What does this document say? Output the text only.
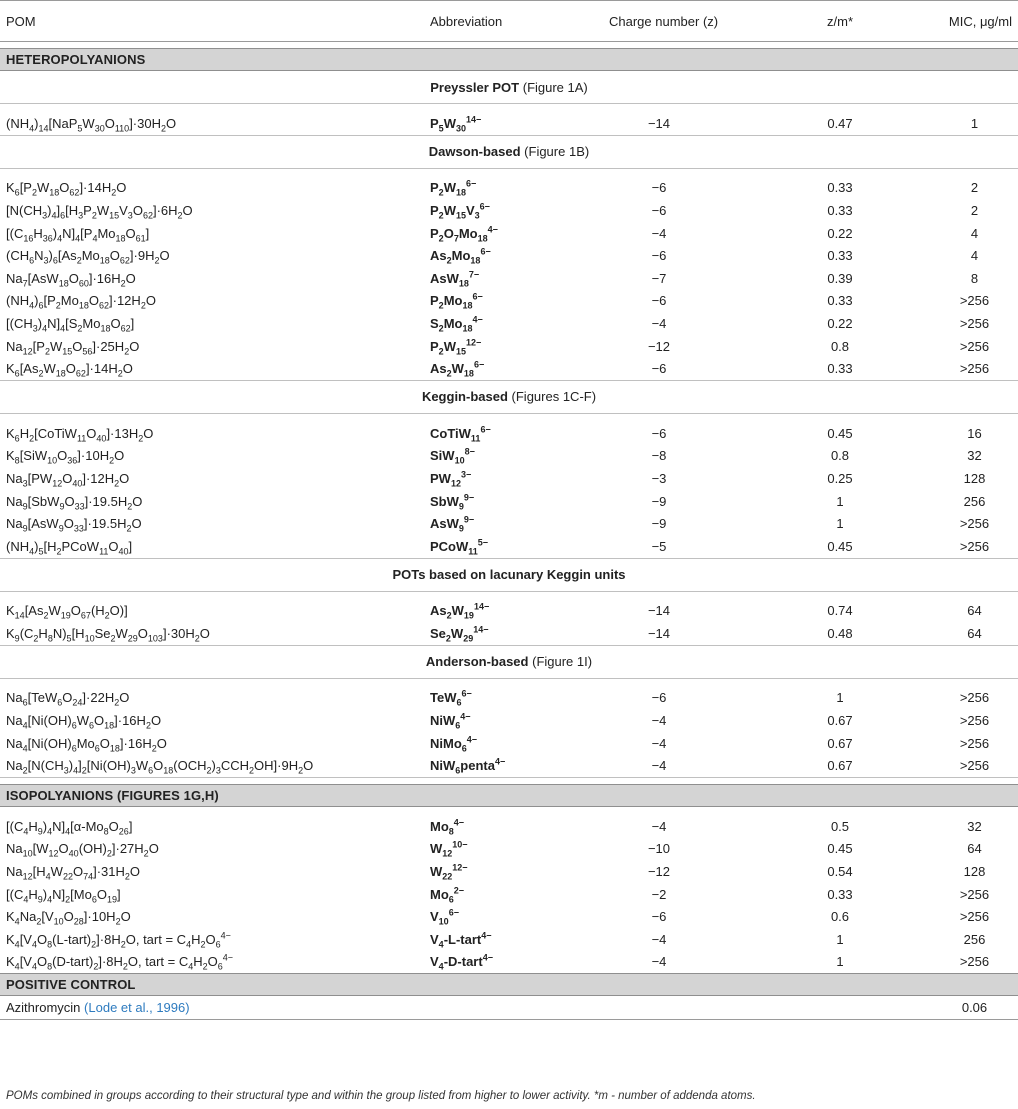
POM	Abbreviation	Charge number (z)	z/m*	MIC, μg/ml

HETEROPOLYANIONS				
Preyssler POT (Figure 1A)				

$(NH_4)_{14}[NaP_5W_{30}O_{110}]\cdot 30H_2O$	$P_5W_{30}^{14-}$	−14	0.47	1
Dawson-based (Figure 1B)				

$K_6[P_2W_{18}O_{62}]\cdot 14H_2O$	$P_2W_{18}^{6-}$	−6	0.33	2
$[N(CH_3)_4]_6[H_3P_2W_{15}V_3O_{62}]\cdot 6H_2O$	$P_2W_{15}V_3^{6-}$	−6	0.33	2
$[(C_{16}H_{36})_4N]_4[P_4Mo_{18}O_{61}]$	$P_2O_7Mo_{18}^{4-}$	−4	0.22	4
$(CH_6N_3)_6[As_2Mo_{18}O_{62}]\cdot 9H_2O$	$As_2Mo_{18}^{6-}$	−6	0.33	4
$Na_7[AsW_{18}O_{60}]\cdot 16H_2O$	AsW$_{18}^{7-}$	−7	0.39	8
$(NH_4)_6[P_2Mo_{18}O_{62}]\cdot 12H_2O$	$P_2Mo_{18}^{6-}$	−6	0.33	>256
$[(CH_3)_4N]_4[S_2Mo_{18}O_{62}]$	$S_2Mo_{18}^{4-}$	−4	0.22	>256
$Na_{12}[P_2W_{15}O_{56}]\cdot 25H_2O$	$P_2W_{15}^{12-}$	−12	0.8	>256
$K_6[As_2W_{18}O_{62}]\cdot 14H_2O$	$As_2W_{18}^{6-}$	−6	0.33	>256
Keggin-based (Figures 1C-F)				

$K_6H_2[CoTiW_{11}O_{40}]\cdot 13H_2O$	CoTiW$_{11}^{6-}$	−6	0.45	16
$K_8[SiW_{10}O_{36}]\cdot 10H_2O$	SiW$_{10}^{8-}$	−8	0.8	32
$Na_3[PW_{12}O_{40}]\cdot 12H_2O$	$PW_{12}^{3-}$	−3	0.25	128
$Na_9[SbW_9O_{33}]\cdot 19.5H_2O$	SbW$_9^{9-}$	−9	1	256
$Na_9[AsW_9O_{33}]\cdot 19.5H_2O$	AsW$_9^{9-}$	−9	1	>256
$(NH_4)_5[H_2PCoW_{11}O_{40}]$	PCoW$_{11}^{5-}$	−5	0.45	>256
POTs based on lacunary Keggin units				

$K_{14}[As_2W_{19}O_{67}(H_2O)]$	$As_2W_{19}^{14-}$	−14	0.74	64
$K_9(C_2H_8N)_5[H_{10}Se_2W_{29}O_{103}]\cdot 30H_2O$	$Se_2W_{29}^{14-}$	−14	0.48	64
Anderson-based (Figure 1I)				

$Na_6[TeW_6O_{24}]\cdot 22H_2O$	TeW$_6^{6-}$	−6	1	>256
$Na_4[Ni(OH)_6W_6O_{18}]\cdot 16H_2O$	NiW$_6^{4-}$	−4	0.67	>256
$Na_4[Ni(OH)_6Mo_6O_{18}]\cdot 16H_2O$	NiMo$_6^{4-}$	−4	0.67	>256
$Na_2[N(CH_3)_4]_2[Ni(OH)_3W_6O_{18}(OCH_2)_3CCH_2OH]\cdot 9H_2O$	NiW$_6$penta$^{4-}$	−4	0.67	>256

ISOPOLYANIONS (FIGURES 1G,H)				

$[(C_4H_9)_4N]_4[\alpha-Mo_8O_{26}]$	$Mo_8^{4-}$	−4	0.5	32
$Na_{10}[W_{12}O_{40}(OH)_2]\cdot 27H_2O$	$W_{12}^{10-}$	−10	0.45	64
$Na_{12}[H_4W_{22}O_{74}]\cdot 31H_2O$	$W_{22}^{12-}$	−12	0.54	128
$[(C_4H_9)_4N]_2[Mo_6O_{19}]$	$Mo_6^{2-}$	−2	0.33	>256
$K_4Na_2[V_{10}O_{28}]\cdot 10H_2O$	$V_{10}^{6-}$	−6	0.6	>256
$K_4[V_4O_8(L-tart)_2]\cdot 8H_2O$, tart = $C_4H_2O_6^{4-}$	$V_4-L-tart^{4-}$	−4	1	256
$K_4[V_4O_8(D-tart)_2]\cdot 8H_2O$, tart = $C_4H_2O_6^{4-}$	$V_4-D-tart^{4-}$	−4	1	>256
POSITIVE CONTROL				
Azithromycin (Lode et al., 1996)				0.06
POMs combined in groups according to their structural type and within the group listed from higher to lower activity. *m - number of addenda atoms.
